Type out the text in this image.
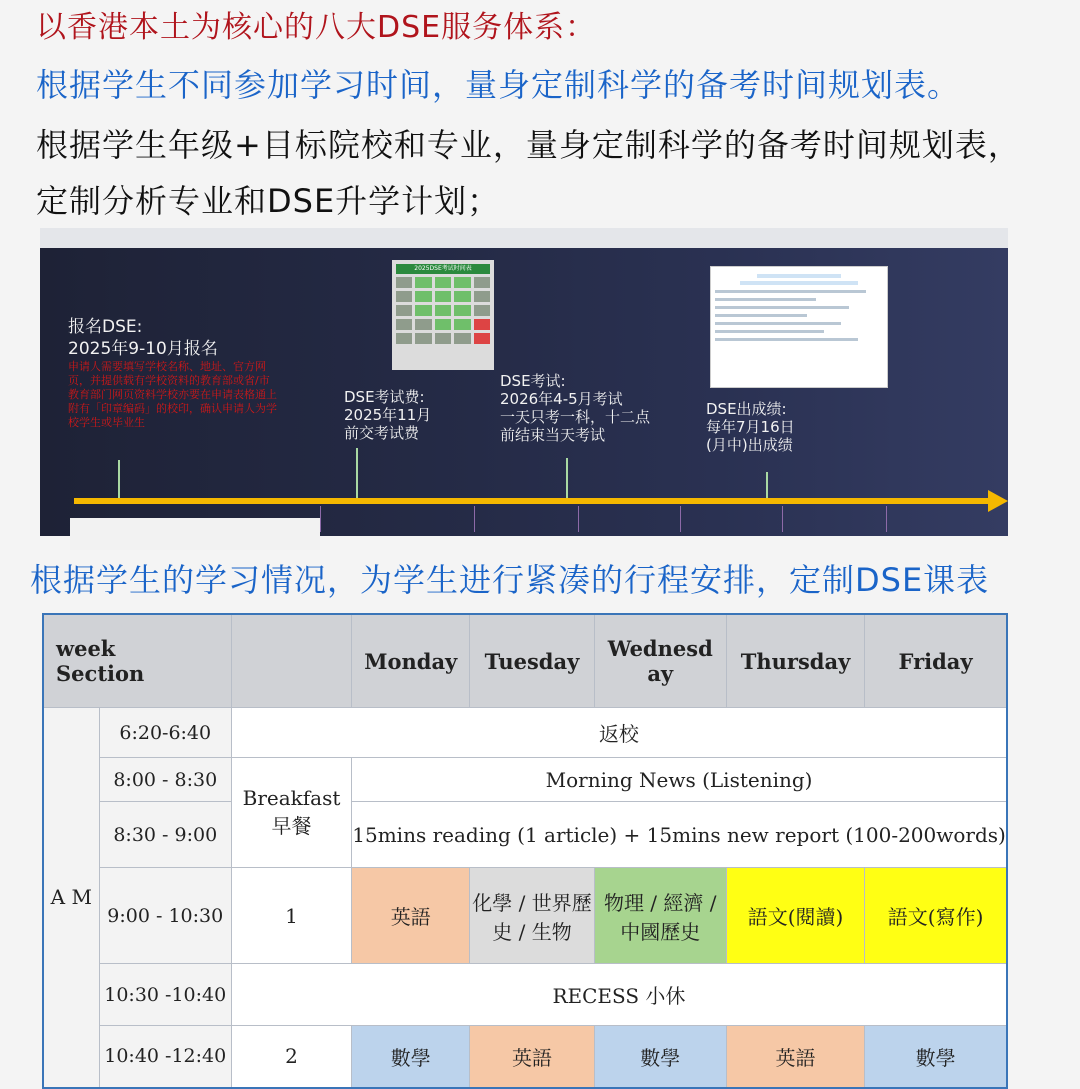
以香港本土为核心的八大DSE服务体系：
根据学生不同参加学习时间，量身定制科学的备考时间规划表。
根据学生年级+目标院校和专业，量身定制科学的备考时间规划表，
定制分析专业和DSE升学计划；
报名DSE:
2025年9-10月报名
申请人需要填写学校名称、地址、官方网页，并提供载有学校资料的教育部或省/市教育部门网页资料学校亦要在申请表格通上附有「印章编码」的校印，确认申请人为学校学生或毕业生
DSE考试费:
2025年11月
前交考试费
2025DSE考试时间表
DSE考试:
2026年4-5月考试
一天只考一科，十二点前结束当天考试
DSE出成绩:
每年7月16日
(月中)出成绩
根据学生的学习情况，为学生进行紧凑的行程安排，定制DSE课表
week
Section			Monday	Tuesday	Wednesd ay	Thursday	Friday
A M	6:20-6:40	返校					
	8:00 - 8:30	Breakfast 早餐	Morning News (Listening)				
	8:30 - 9:00		15mins reading (1 article) + 15mins new report (100-200words)				
	9:00 - 10:30	1	英語	化學 / 世界歷史 / 生物	物理 / 經濟 / 中國歷史	語文(閱讀)	語文(寫作)
	10:30 -10:40	RECESS 小休					
	10:40 -12:40	2	數學	英語	數學	英語	數學
